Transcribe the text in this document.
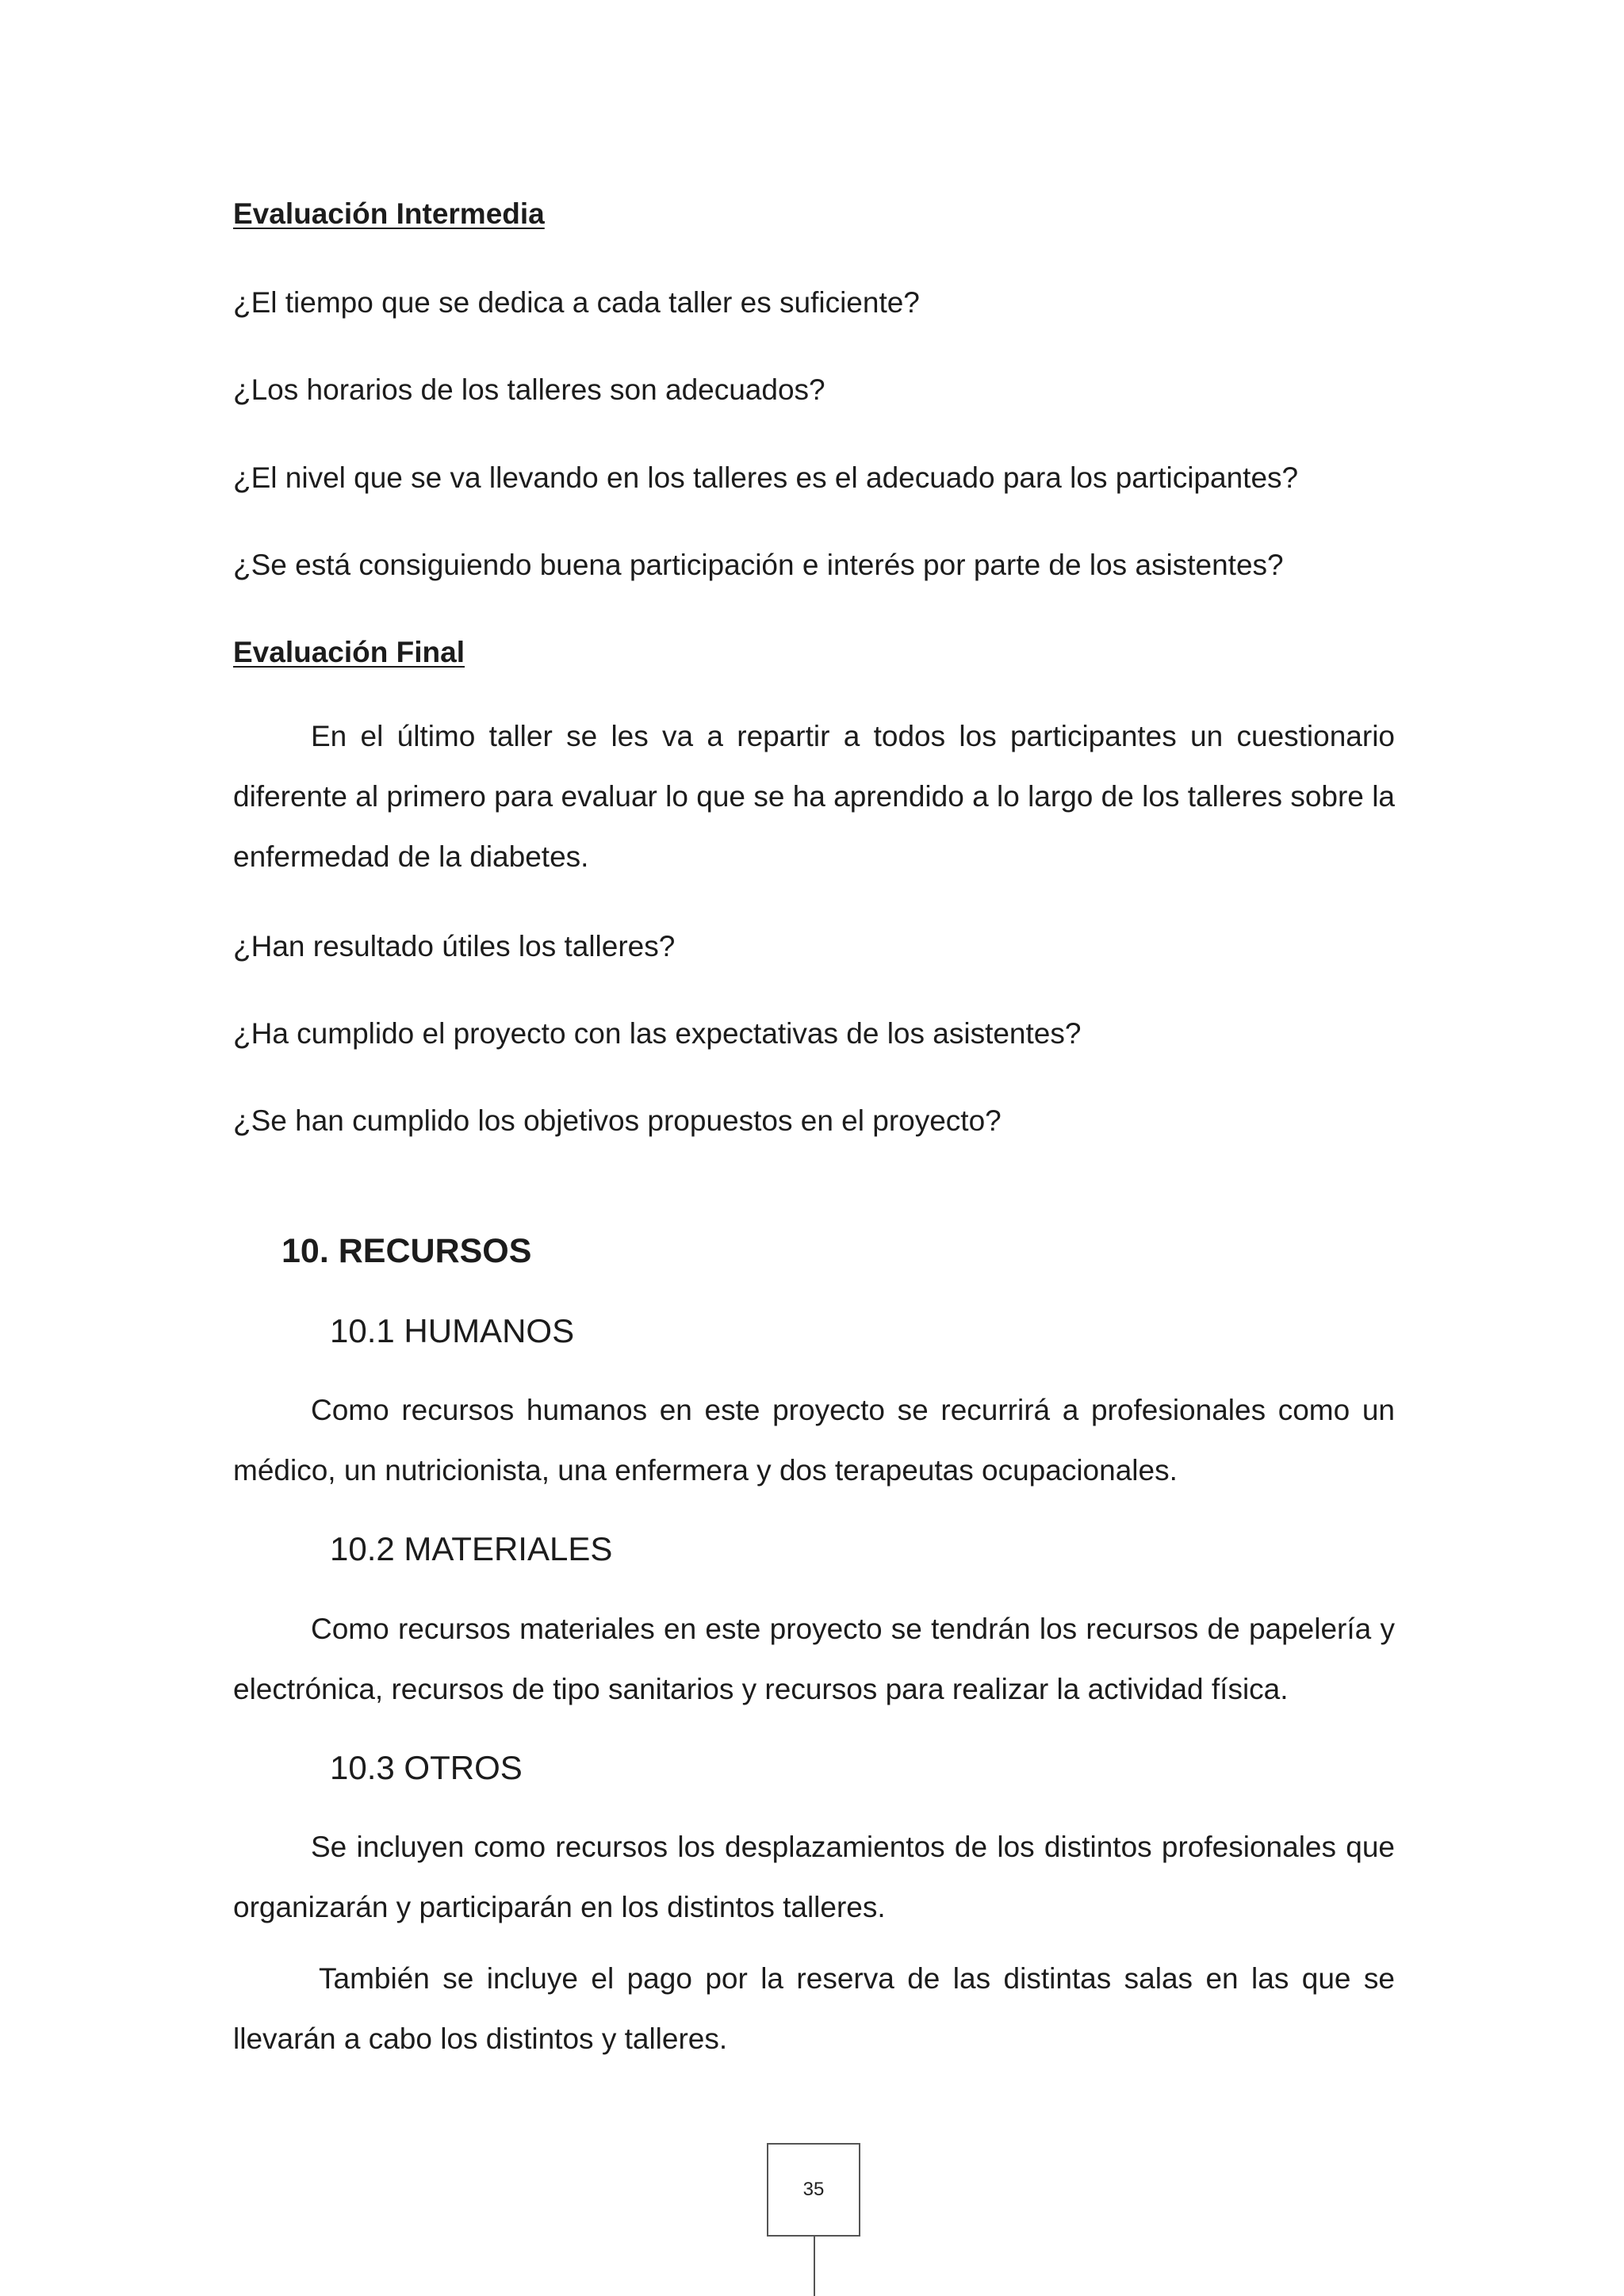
Evaluación Intermedia
¿El tiempo que se dedica a cada taller es suficiente?
¿Los horarios de los talleres son adecuados?
¿El nivel que se va llevando en los talleres es el adecuado para los participantes?
¿Se está consiguiendo buena participación e interés por parte de los asistentes?
Evaluación Final
En el último taller se les va a repartir a todos los participantes un cuestionario diferente al primero para evaluar lo que se ha aprendido a lo largo de los talleres sobre la enfermedad de la diabetes.
¿Han resultado útiles los talleres?
¿Ha cumplido el proyecto con las expectativas de los asistentes?
¿Se han cumplido los objetivos propuestos en el proyecto?
10. RECURSOS
10.1 HUMANOS
Como recursos humanos en este proyecto se recurrirá a profesionales como un médico, un nutricionista, una enfermera y dos terapeutas ocupacionales.
10.2 MATERIALES
Como recursos materiales en este proyecto se tendrán los recursos de papelería y electrónica, recursos de tipo sanitarios y recursos para realizar la actividad física.
10.3 OTROS
Se incluyen como recursos los desplazamientos de los distintos profesionales que organizarán y participarán en los distintos talleres.
También se incluye el pago por la reserva de las distintas salas en las que se llevarán a cabo los distintos y talleres.
35
